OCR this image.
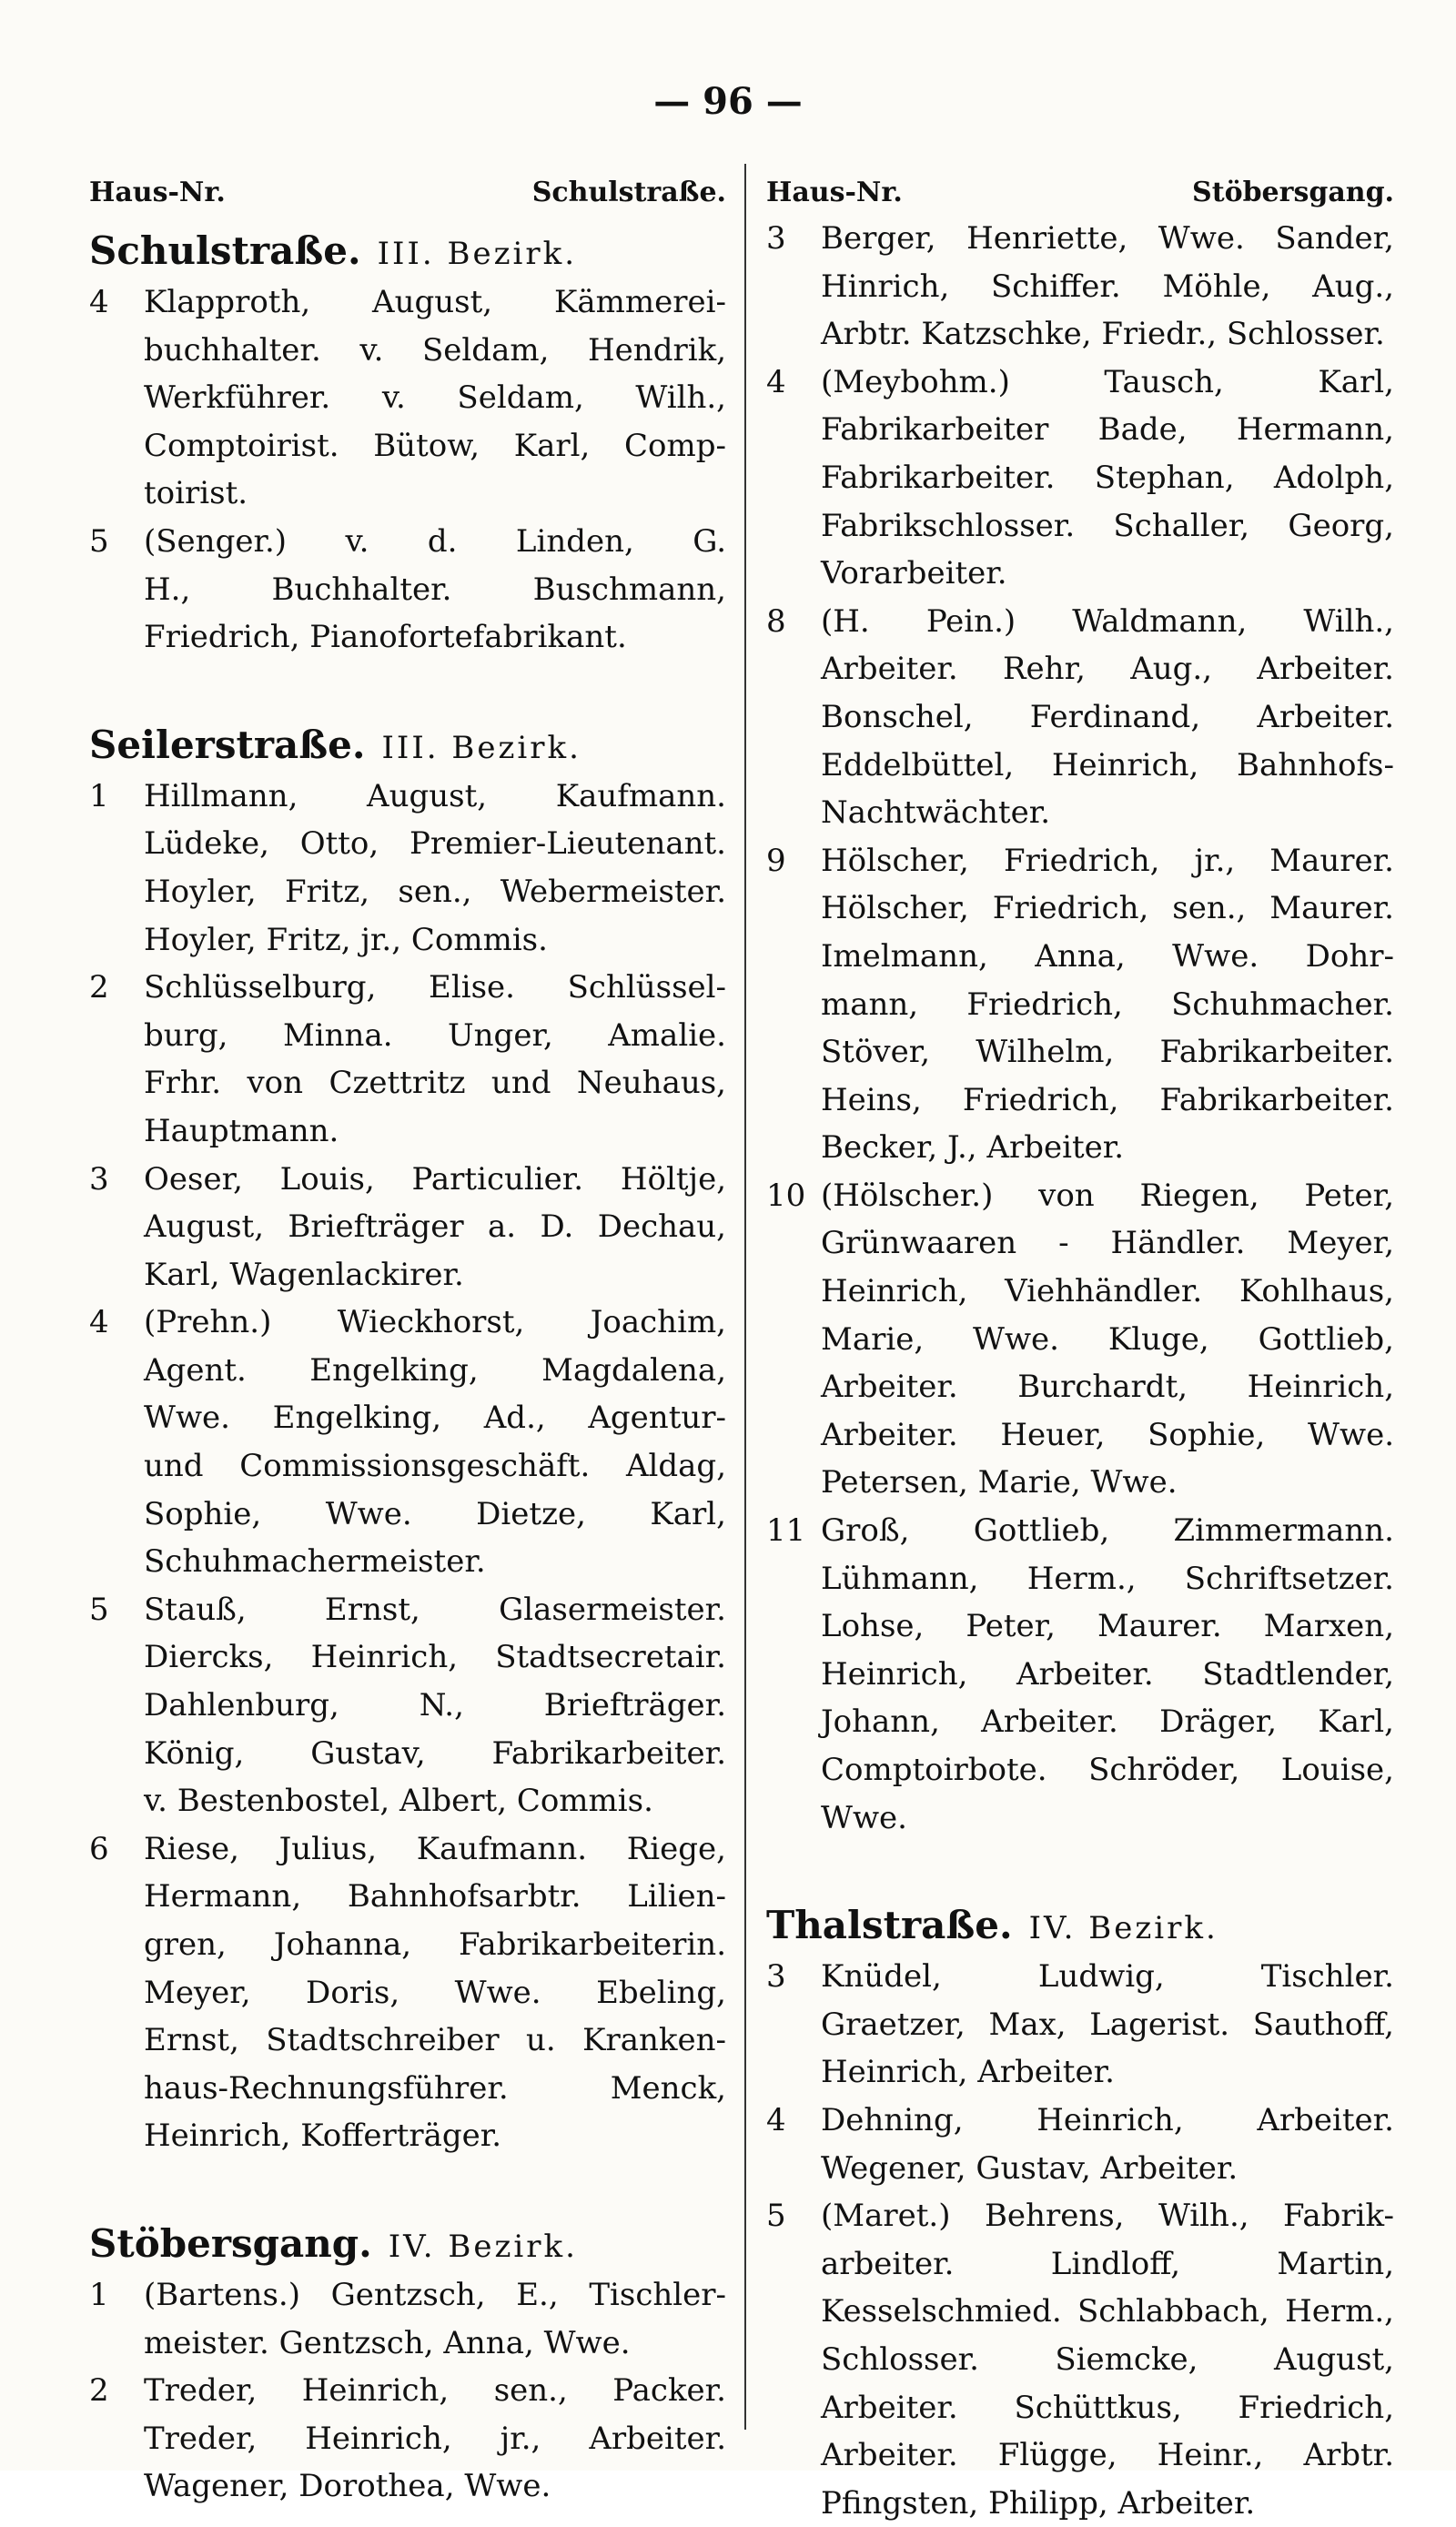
— 96 —
Haus-Nr.	Schulstraße.
Schulstraße. III. Bezirk.
4	Klapproth, August, Kämmerei-
buchhalter. v. Seldam, Hendrik,
Werkführer. v. Seldam, Wilh.,
Comptoirist. Bütow, Karl, Comp-
toirist.
5	(Senger.) v. d. Linden, G.
H., Buchhalter. Buschmann,
Friedrich, Pianofortefabrikant.
Seilerstraße. III. Bezirk.
1	Hillmann, August, Kaufmann.
Lüdeke, Otto, Premier-Lieutenant.
Hoyler, Fritz, sen., Webermeister.
Hoyler, Fritz, jr., Commis.
2	Schlüsselburg, Elise. Schlüssel-
burg, Minna. Unger, Amalie.
Frhr. von Czettritz und Neuhaus,
Hauptmann.
3	Oeser, Louis, Particulier. Höltje,
August, Briefträger a. D. Dechau,
Karl, Wagenlackirer.
4	(Prehn.) Wieckhorst, Joachim,
Agent. Engelking, Magdalena,
Wwe. Engelking, Ad., Agentur-
und Commissionsgeschäft. Aldag,
Sophie, Wwe. Dietze, Karl,
Schuhmachermeister.
5	Stauß, Ernst, Glasermeister.
Diercks, Heinrich, Stadtsecretair.
Dahlenburg, N., Briefträger.
König, Gustav, Fabrikarbeiter.
v. Bestenbostel, Albert, Commis.
6	Riese, Julius, Kaufmann. Riege,
Hermann, Bahnhofsarbtr. Lilien-
gren, Johanna, Fabrikarbeiterin.
Meyer, Doris, Wwe. Ebeling,
Ernst, Stadtschreiber u. Kranken-
haus-Rechnungsführer. Menck,
Heinrich, Kofferträger.
Stöbersgang. IV. Bezirk.
1	(Bartens.) Gentzsch, E., Tischler-
meister. Gentzsch, Anna, Wwe.
2	Treder, Heinrich, sen., Packer.
Treder, Heinrich, jr., Arbeiter.
Wagener, Dorothea, Wwe.
Haus-Nr.	Stöbersgang.
3	Berger, Henriette, Wwe. Sander,
Hinrich, Schiffer. Möhle, Aug.,
Arbtr. Katzschke, Friedr., Schlosser.
4	(Meybohm.) Tausch, Karl,
Fabrikarbeiter Bade, Hermann,
Fabrikarbeiter. Stephan, Adolph,
Fabrikschlosser. Schaller, Georg,
Vorarbeiter.
8	(H. Pein.) Waldmann, Wilh.,
Arbeiter. Rehr, Aug., Arbeiter.
Bonschel, Ferdinand, Arbeiter.
Eddelbüttel, Heinrich, Bahnhofs-
Nachtwächter.
9	Hölscher, Friedrich, jr., Maurer.
Hölscher, Friedrich, sen., Maurer.
Imelmann, Anna, Wwe. Dohr-
mann, Friedrich, Schuhmacher.
Stöver, Wilhelm, Fabrikarbeiter.
Heins, Friedrich, Fabrikarbeiter.
Becker, J., Arbeiter.
10 (Hölscher.) von Riegen, Peter,
Grünwaaren - Händler. Meyer,
Heinrich, Viehhändler. Kohlhaus,
Marie, Wwe. Kluge, Gottlieb,
Arbeiter. Burchardt, Heinrich,
Arbeiter. Heuer, Sophie, Wwe.
Petersen, Marie, Wwe.
11 Groß, Gottlieb, Zimmermann.
Lühmann, Herm., Schriftsetzer.
Lohse, Peter, Maurer. Marxen,
Heinrich, Arbeiter. Stadtlender,
Johann, Arbeiter. Dräger, Karl,
Comptoirbote. Schröder, Louise,
Wwe.
Thalstraße. IV. Bezirk.
3	Knüdel, Ludwig, Tischler.
Graetzer, Max, Lagerist. Sauthoff,
Heinrich, Arbeiter.
4	Dehning, Heinrich, Arbeiter.
Wegener, Gustav, Arbeiter.
5	(Maret.) Behrens, Wilh., Fabrik-
arbeiter. Lindloff, Martin,
Kesselschmied. Schlabbach, Herm.,
Schlosser. Siemcke, August,
Arbeiter. Schüttkus, Friedrich,
Arbeiter. Flügge, Heinr., Arbtr.
Pfingsten, Philipp, Arbeiter.
